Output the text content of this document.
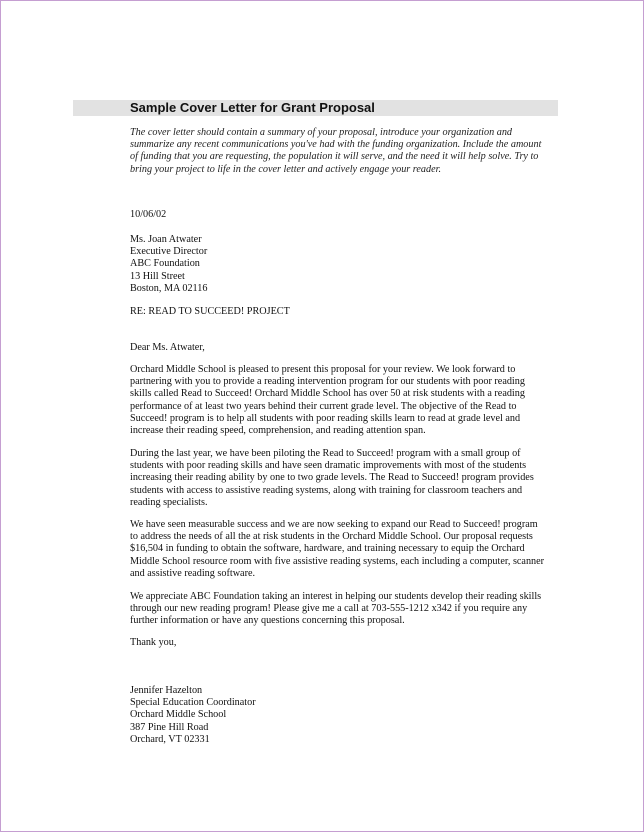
Sample Cover Letter for Grant Proposal
The cover letter should contain a summary of your proposal, introduce your organization and
summarize any recent communications you've had with the funding organization. Include the amount
of funding that you are requesting, the population it will serve, and the need it will help solve. Try to
bring your project to life in the cover letter and actively engage your reader.
10/06/02
Ms. Joan Atwater
Executive Director
ABC Foundation
13 Hill Street
Boston, MA 02116
RE: READ TO SUCCEED! PROJECT
Dear Ms. Atwater,
Orchard Middle School is pleased to present this proposal for your review. We look forward to
partnering with you to provide a reading intervention program for our students with poor reading
skills called Read to Succeed! Orchard Middle School has over 50 at risk students with a reading
performance of at least two years behind their current grade level. The objective of the Read to
Succeed! program is to help all students with poor reading skills learn to read at grade level and
increase their reading speed, comprehension, and reading attention span.
During the last year, we have been piloting the Read to Succeed! program with a small group of
students with poor reading skills and have seen dramatic improvements with most of the students
increasing their reading ability by one to two grade levels. The Read to Succeed! program provides
students with access to assistive reading systems, along with training for classroom teachers and
reading specialists.
We have seen measurable success and we are now seeking to expand our Read to Succeed! program
to address the needs of all the at risk students in the Orchard Middle School. Our proposal requests
$16,504 in funding to obtain the software, hardware, and training necessary to equip the Orchard
Middle School resource room with five assistive reading systems, each including a computer, scanner
and assistive reading software.
We appreciate ABC Foundation taking an interest in helping our students develop their reading skills
through our new reading program! Please give me a call at 703-555-1212 x342 if you require any
further information or have any questions concerning this proposal.
Thank you,
Jennifer Hazelton
Special Education Coordinator
Orchard Middle School
387 Pine Hill Road
Orchard, VT 02331
